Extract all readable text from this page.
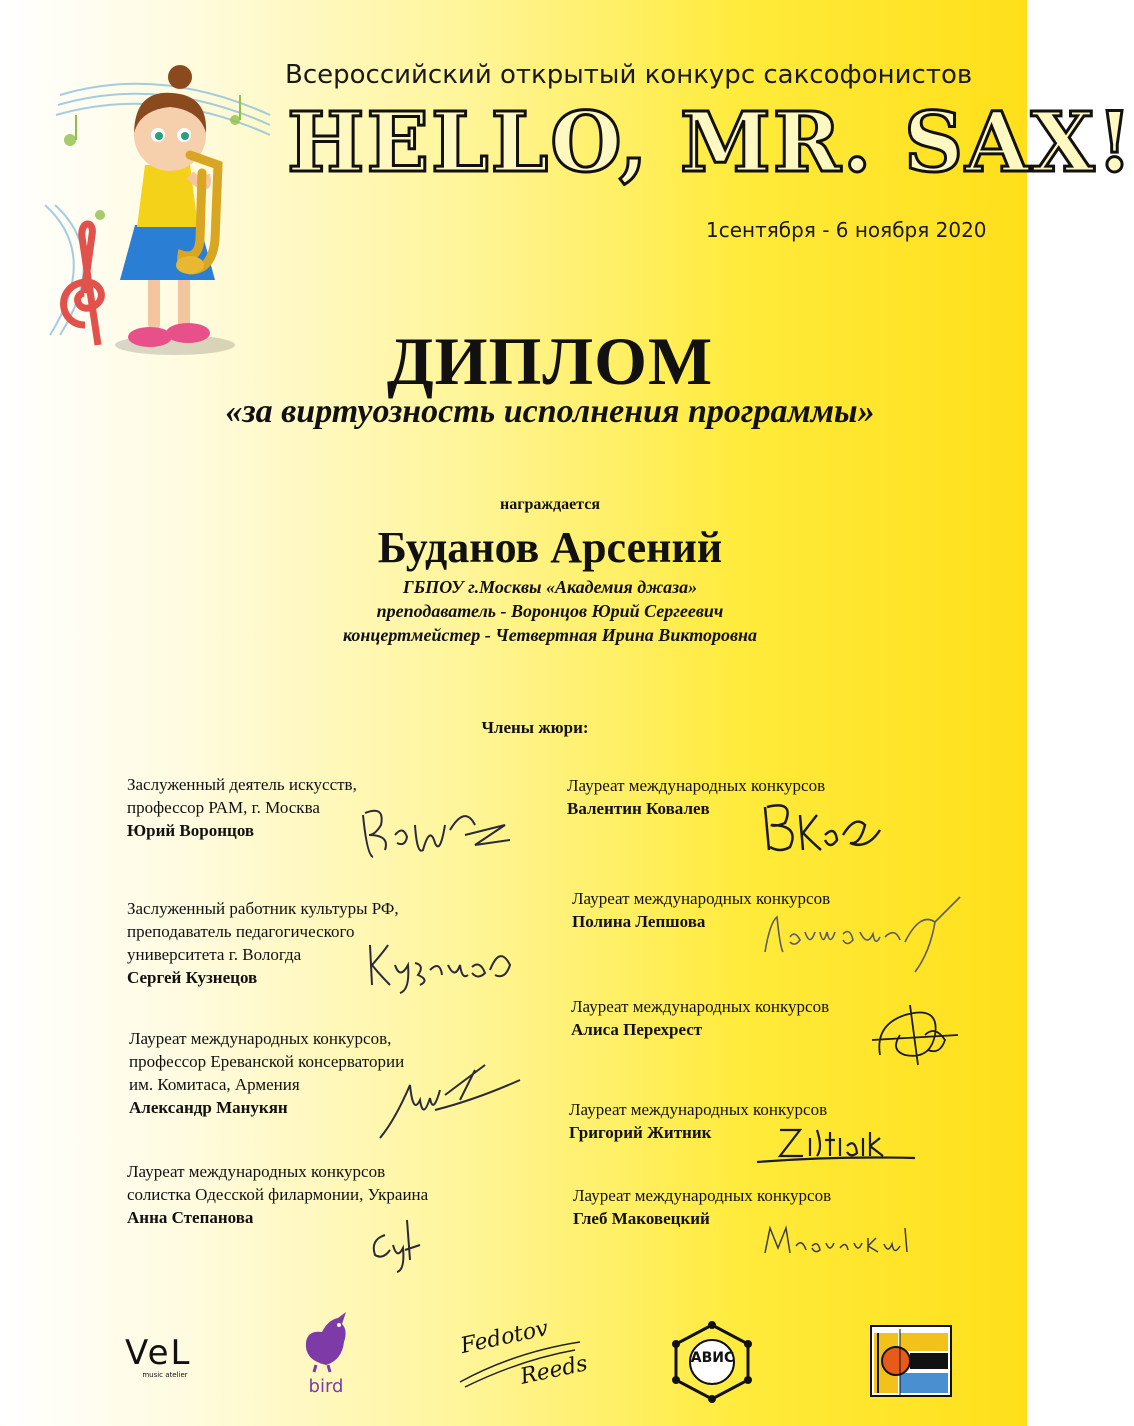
Всероссийский открытый конкурс саксофонистов
HELLO, MR. SAX!
1сентября - 6 ноября 2020
ДИПЛОМ
«за виртуозность исполнения программы»
награждается
Буданов Арсений
ГБПОУ г.Москвы «Академия джаза»
преподаватель - Воронцов Юрий Сергеевич
концертмейстер - Четвертная Ирина Викторовна
Члены жюри:
Заслуженный деятель искусств,
профессор РАМ, г. Москва
Юрий Воронцов
Заслуженный работник культуры РФ,
преподаватель педагогического
университета г. Вологда
Сергей Кузнецов
Лауреат международных конкурсов,
профессор Ереванской консерватории
им. Комитаса, Армения
Александр Манукян
Лауреат международных конкурсов
солистка Одесской филармонии, Украина
Анна Степанова
Лауреат международных конкурсов
Валентин Ковалев
Лауреат международных конкурсов
Полина Лепшова
Лауреат международных конкурсов
Алиса Перехрест
Лауреат международных конкурсов
Григорий Житник
Лауреат международных конкурсов
Глеб Маковецкий
VeL
music atelier
bird
Fedotov
Reeds	АВИС
